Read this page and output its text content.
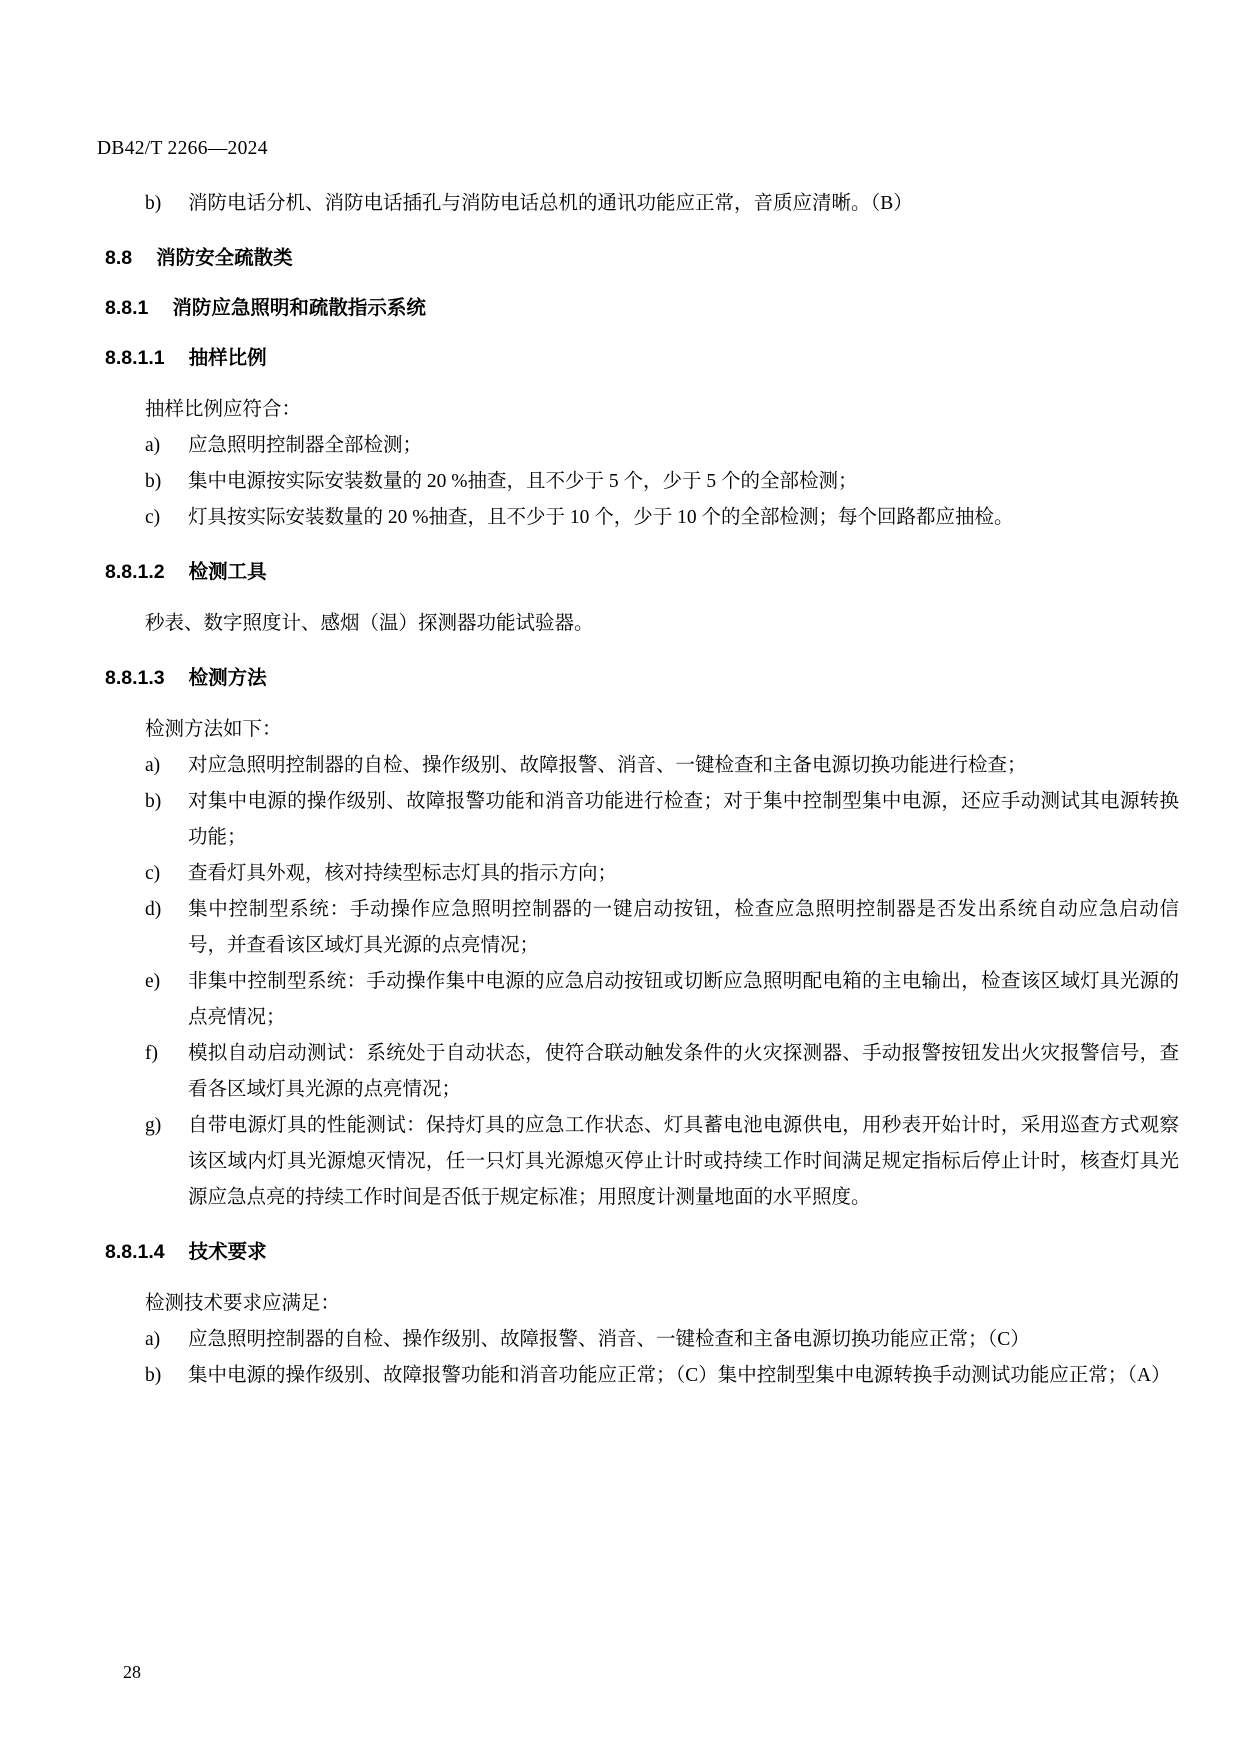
DB42/T 2266—2024
b)	消防电话分机、消防电话插孔与消防电话总机的通讯功能应正常，音质应清晰。（B）
8.8 消防安全疏散类
8.8.1 消防应急照明和疏散指示系统
8.8.1.1 抽样比例

抽样比例应符合：

a)	应急照明控制器全部检测；
b)	集中电源按实际安装数量的 20 %抽查，且不少于 5 个，少于 5 个的全部检测；
c)	灯具按实际安装数量的 20 %抽查，且不少于 10 个，少于 10 个的全部检测；每个回路都应抽检。
8.8.1.2 检测工具

秒表、数字照度计、感烟（温）探测器功能试验器。

8.8.1.3 检测方法

检测方法如下：

a)	对应急照明控制器的自检、操作级别、故障报警、消音、一键检查和主备电源切换功能进行检查；
b)	对集中电源的操作级别、故障报警功能和消音功能进行检查；对于集中控制型集中电源，还应手动测试其电源转换功能；
c)	查看灯具外观，核对持续型标志灯具的指示方向；
d)	集中控制型系统：手动操作应急照明控制器的一键启动按钮，检查应急照明控制器是否发出系统自动应急启动信号，并查看该区域灯具光源的点亮情况；
e)	非集中控制型系统：手动操作集中电源的应急启动按钮或切断应急照明配电箱的主电输出，检查该区域灯具光源的点亮情况；
f)	模拟自动启动测试：系统处于自动状态，使符合联动触发条件的火灾探测器、手动报警按钮发出火灾报警信号，查看各区域灯具光源的点亮情况；
g)	自带电源灯具的性能测试：保持灯具的应急工作状态、灯具蓄电池电源供电，用秒表开始计时，采用巡查方式观察该区域内灯具光源熄灭情况，任一只灯具光源熄灭停止计时或持续工作时间满足规定指标后停止计时，核查灯具光源应急点亮的持续工作时间是否低于规定标准；用照度计测量地面的水平照度。
8.8.1.4 技术要求

检测技术要求应满足：

a)	应急照明控制器的自检、操作级别、故障报警、消音、一键检查和主备电源切换功能应正常；（C）
b)	集中电源的操作级别、故障报警功能和消音功能应正常；（C）集中控制型集中电源转换手动测试功能应正常；（A）
28
